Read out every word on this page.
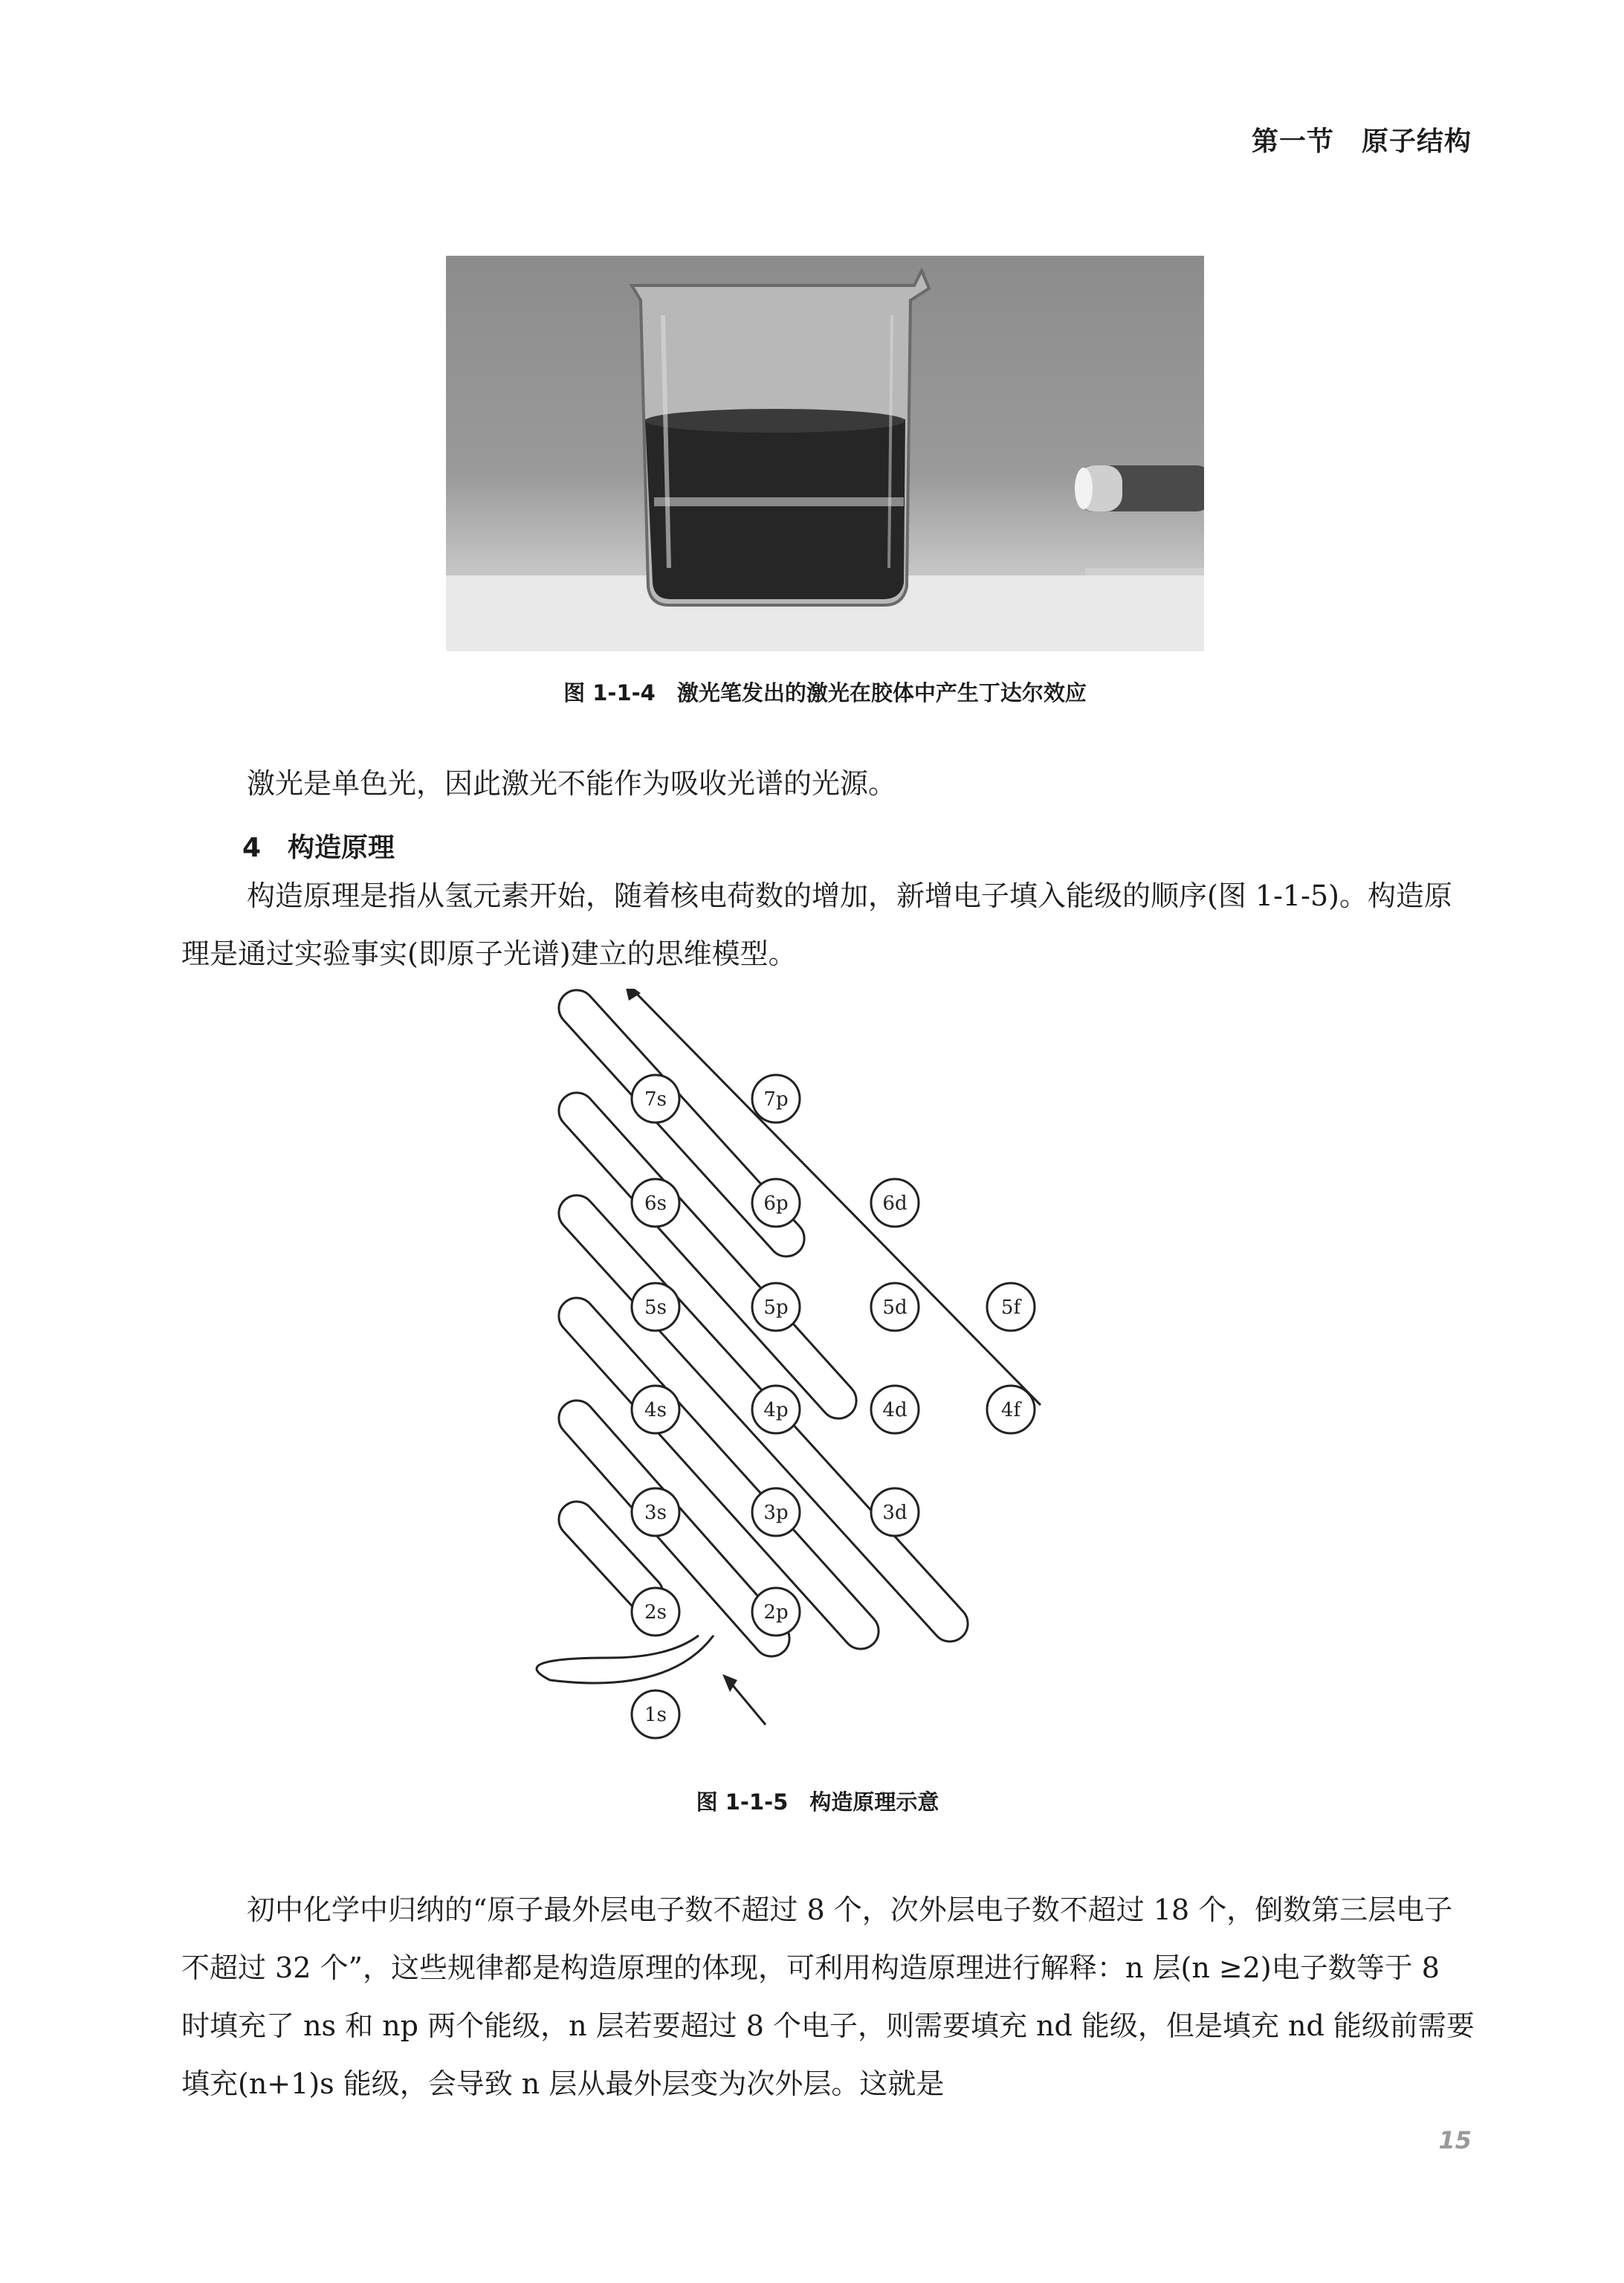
第一节　原子结构
图 1-1-4　激光笔发出的激光在胶体中产生丁达尔效应

激光是单色光，因此激光不能作为吸收光谱的光源。

4　构造原理

构造原理是指从氢元素开始，随着核电荷数的增加，新增电子填入能级的顺序(图 1-1-5)。构造原理是通过实验事实(即原子光谱)建立的思维模型。

7s	7p
6s	6p	6d
5s	5p	5d	5f
4s	4p	4d	4f
3s	3p	3d
2s	2p
1s
图 1-1-5　构造原理示意

初中化学中归纳的“原子最外层电子数不超过 8 个，次外层电子数不超过 18 个，倒数第三层电子不超过 32 个”，这些规律都是构造原理的体现，可利用构造原理进行解释：n 层(n ≥2)电子数等于 8 时填充了 ns 和 np 两个能级，n 层若要超过 8 个电子，则需要填充 nd 能级，但是填充 nd 能级前需要填充(n+1)s 能级，会导致 n 层从最外层变为次外层。这就是

15
